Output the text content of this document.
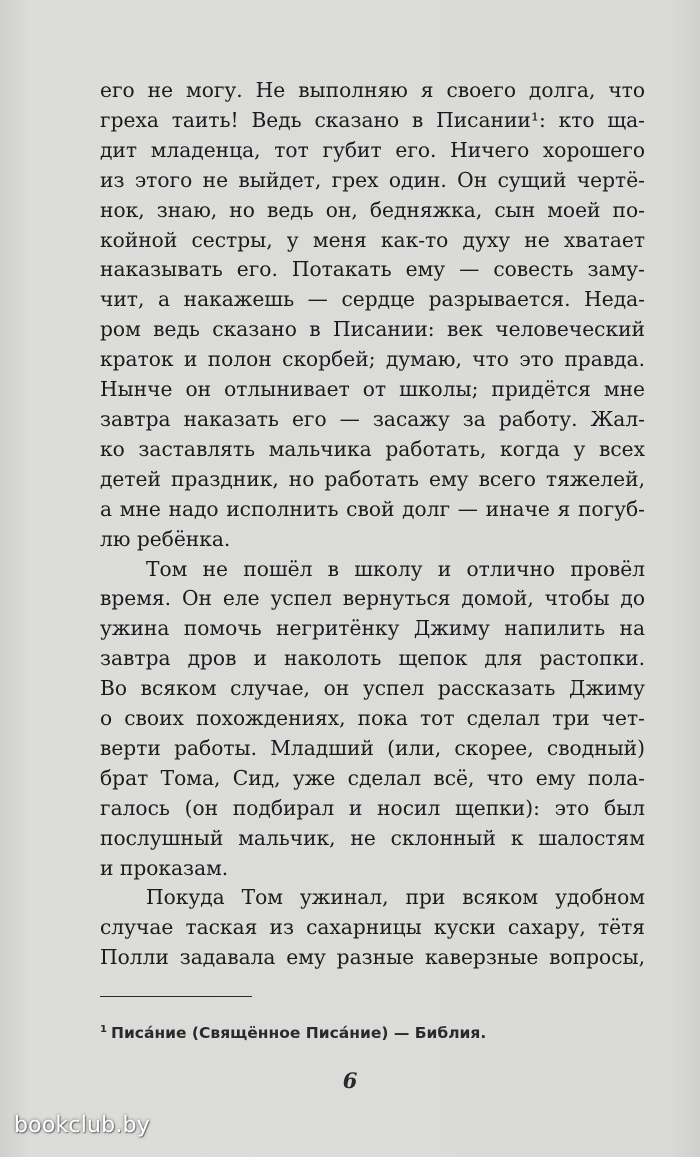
его не могу. Не выполняю я своего долга, что
греха таить! Ведь сказано в Писании¹: кто ща-
дит младенца, тот губит его. Ничего хорошего
из этого не выйдет, грех один. Он сущий чертё-
нок, знаю, но ведь он, бедняжка, сын моей по-
койной сестры, у меня как-то духу не хватает
наказывать его. Потакать ему — совесть заму-
чит, а накажешь — сердце разрывается. Неда-
ром ведь сказано в Писании: век человеческий
краток и полон скорбей; думаю, что это правда.
Нынче он отлынивает от школы; придётся мне
завтра наказать его — засажу за работу. Жал-
ко заставлять мальчика работать, когда у всех
детей праздник, но работать ему всего тяжелей,
а мне надо исполнить свой долг — иначе я погуб-
лю ребёнка.
Том не пошёл в школу и отлично провёл
время. Он еле успел вернуться домой, чтобы до
ужина помочь негритёнку Джиму напилить на
завтра дров и наколоть щепок для растопки.
Во всяком случае, он успел рассказать Джиму
о своих похождениях, пока тот сделал три чет-
верти работы. Младший (или, скорее, сводный)
брат Тома, Сид, уже сделал всё, что ему пола-
галось (он подбирал и носил щепки): это был
послушный мальчик, не склонный к шалостям
и проказам.
Покуда Том ужинал, при всяком удобном
случае таская из сахарницы куски сахару, тётя
Полли задавала ему разные каверзные вопросы,
$^1$ Писа́ние (Свящённое Писа́ние) — Библия.
6
bookclub.by
